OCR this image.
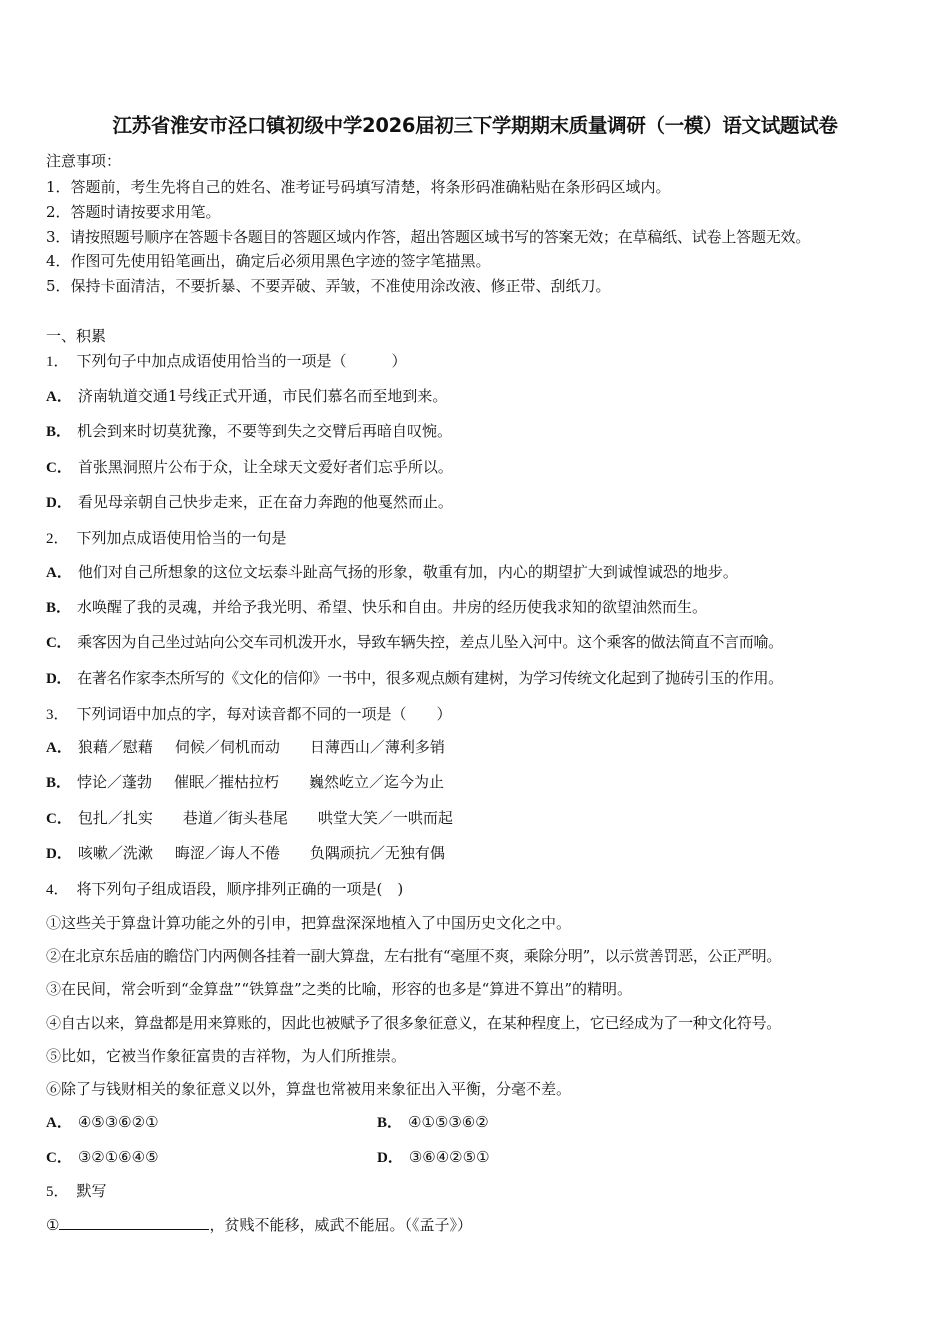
江苏省淮安市泾口镇初级中学2026届初三下学期期末质量调研（一模）语文试题试卷
注意事项：
1．答题前，考生先将自己的姓名、准考证号码填写清楚，将条形码准确粘贴在条形码区域内。
2．答题时请按要求用笔。
3．请按照题号顺序在答题卡各题目的答题区域内作答，超出答题区域书写的答案无效；在草稿纸、试卷上答题无效。
4．作图可先使用铅笔画出，确定后必须用黑色字迹的签字笔描黑。
5．保持卡面清洁，不要折暴、不要弄破、弄皱，不准使用涂改液、修正带、刮纸刀。
一、积累
1． 下列句子中加点成语使用恰当的一项是（　　　）
A． 济南轨道交通1号线正式开通，市民们慕名而至地到来。
B． 机会到来时切莫犹豫，不要等到失之交臂后再暗自叹惋。
C． 首张黑洞照片公布于众，让全球天文爱好者们忘乎所以。
D． 看见母亲朝自己快步走来，正在奋力奔跑的他戛然而止。
2． 下列加点成语使用恰当的一句是
A． 他们对自己所想象的这位文坛泰斗趾高气扬的形象，敬重有加，内心的期望扩大到诚惶诚恐的地步。
B． 水唤醒了我的灵魂，并给予我光明、希望、快乐和自由。井房的经历使我求知的欲望油然而生。
C． 乘客因为自己坐过站向公交车司机泼开水，导致车辆失控，差点儿坠入河中。这个乘客的做法简直不言而喻。
D． 在著名作家李杰所写的《文化的信仰》一书中，很多观点颇有建树，为学习传统文化起到了抛砖引玉的作用。
3． 下列词语中加点的字，每对读音都不同的一项是（　　）
A． 狼藉／慰藉 伺候／伺机而动 日薄西山／薄利多销
B． 悖论／蓬勃 催眠／摧枯拉朽 巍然屹立／迄今为止
C． 包扎／扎实 巷道／街头巷尾 哄堂大笑／一哄而起
D． 咳嗽／洗漱 晦涩／诲人不倦 负隅顽抗／无独有偶
4． 将下列句子组成语段，顺序排列正确的一项是(　)
①这些关于算盘计算功能之外的引申，把算盘深深地植入了中国历史文化之中。
②在北京东岳庙的瞻岱门内两侧各挂着一副大算盘，左右批有“毫厘不爽，乘除分明”，以示赏善罚恶，公正严明。
③在民间，常会听到“金算盘”“铁算盘”之类的比喻，形容的也多是“算进不算出”的精明。
④自古以来，算盘都是用来算账的，因此也被赋予了很多象征意义，在某种程度上，它已经成为了一种文化符号。
⑤比如，它被当作象征富贵的吉祥物，为人们所推崇。
⑥除了与钱财相关的象征意义以外，算盘也常被用来象征出入平衡，分毫不差。
A． ④⑤③⑥②①	B． ④①⑤③⑥②
C． ③②①⑥④⑤	D． ③⑥④②⑤①
5． 默写
①	，贫贱不能移，威武不能屈。（《孟子》）
